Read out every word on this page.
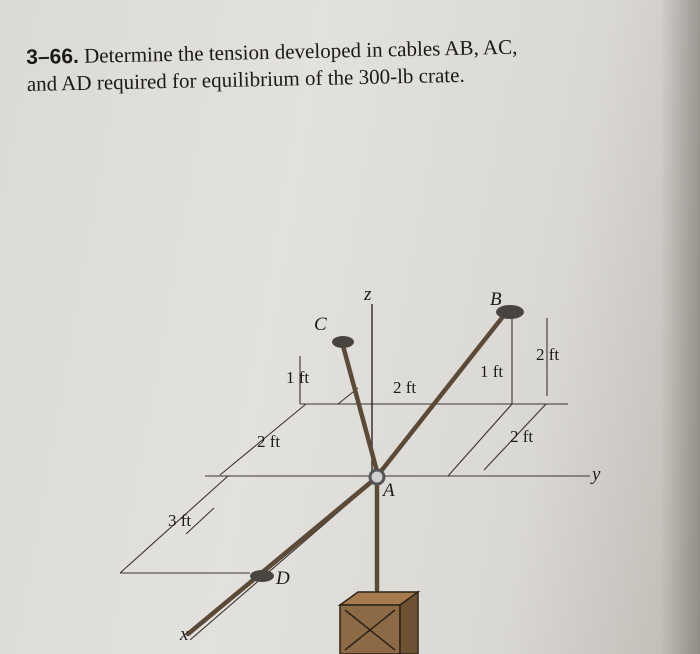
3–66. Determine the tension developed in cables AB, AC,
and AD required for equilibrium of the 300-lb crate.
B
C
D
A
z
x
y
1 ft
2 ft
2 ft
1 ft
2 ft
2 ft
3 ft
